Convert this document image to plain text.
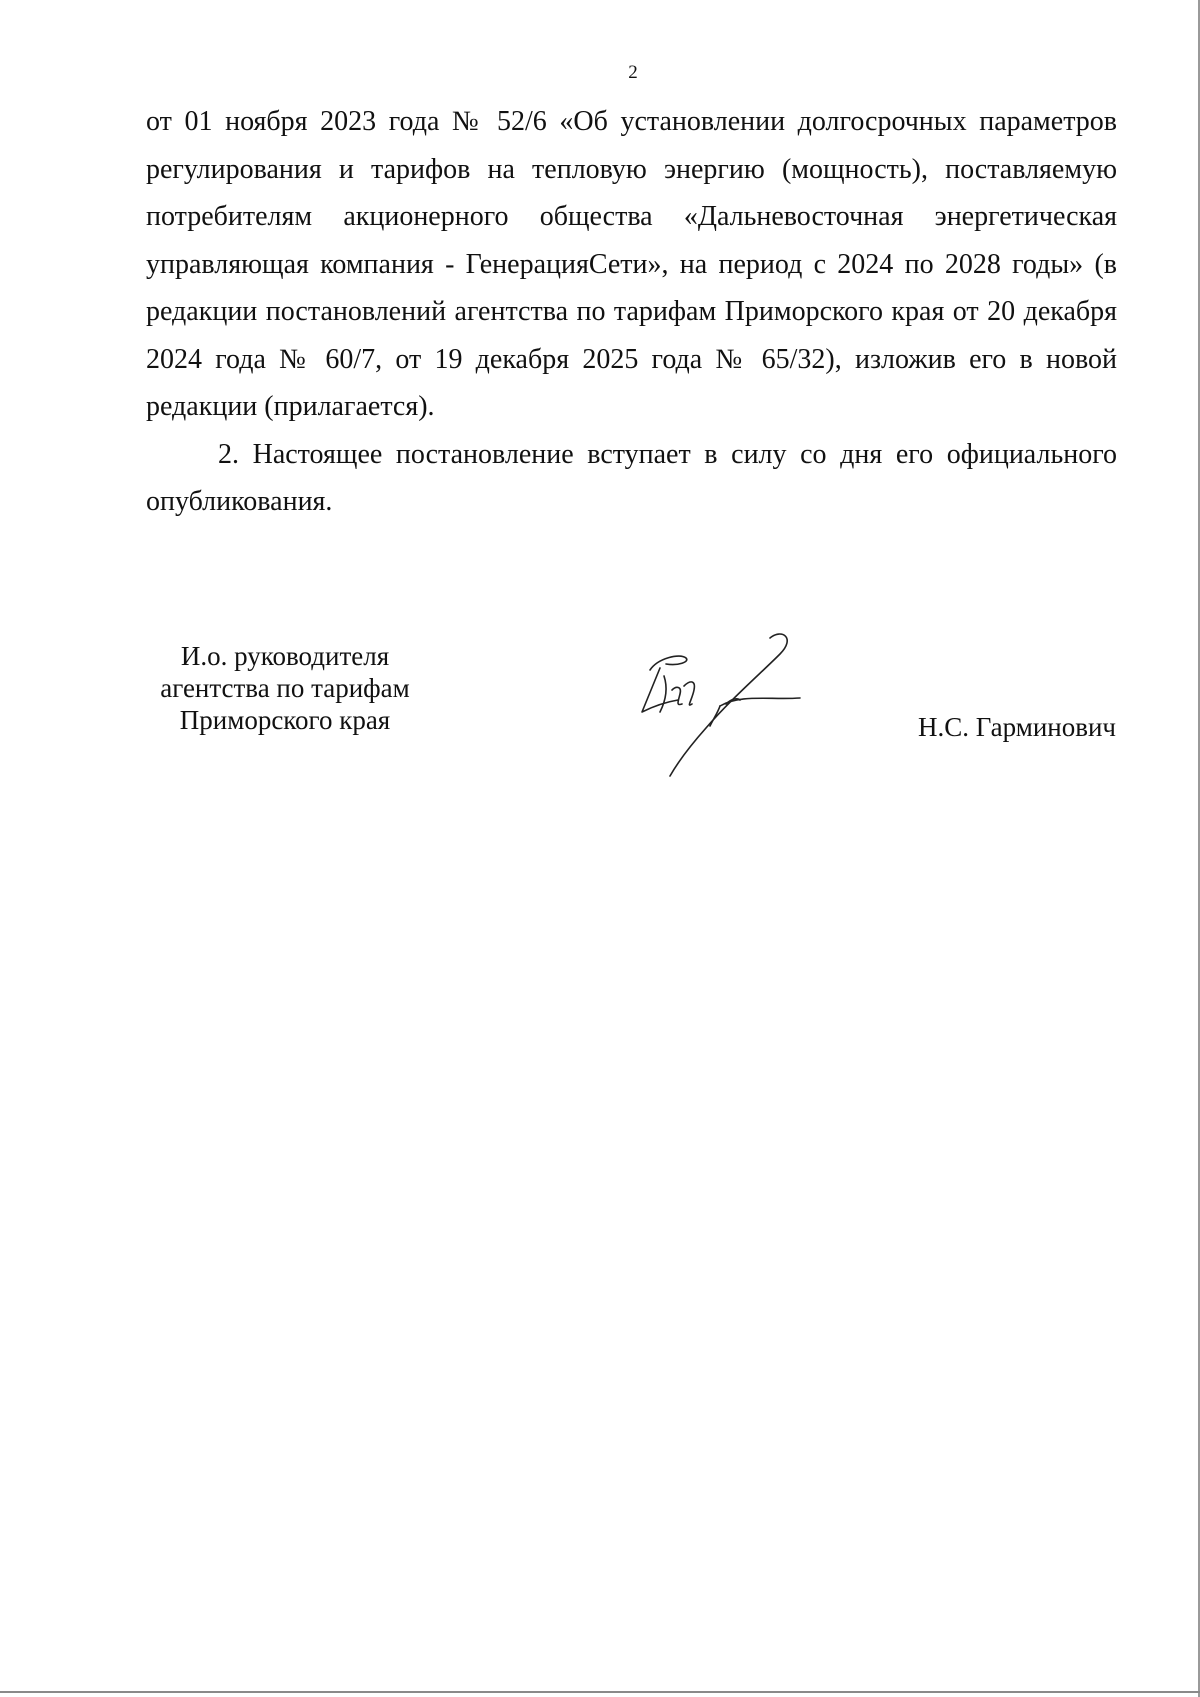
2

от 01 ноября 2023 года № 52/6 «Об установлении долгосрочных параметров регулирования и тарифов на тепловую энергию (мощность), поставляемую потребителям акционерного общества «Дальневосточная энергетическая управляющая компания - ГенерацияСети», на период с 2024 по 2028 годы» (в редакции постановлений агентства по тарифам Приморского края от 20 декабря 2024 года № 60/7, от 19 декабря 2025 года № 65/32), изложив его в новой редакции (прилагается).

2. Настоящее постановление вступает в силу со дня его официального опубликования.

И.о. руководителя
агентства по тарифам
Приморского края	Н.С. Гарминович
